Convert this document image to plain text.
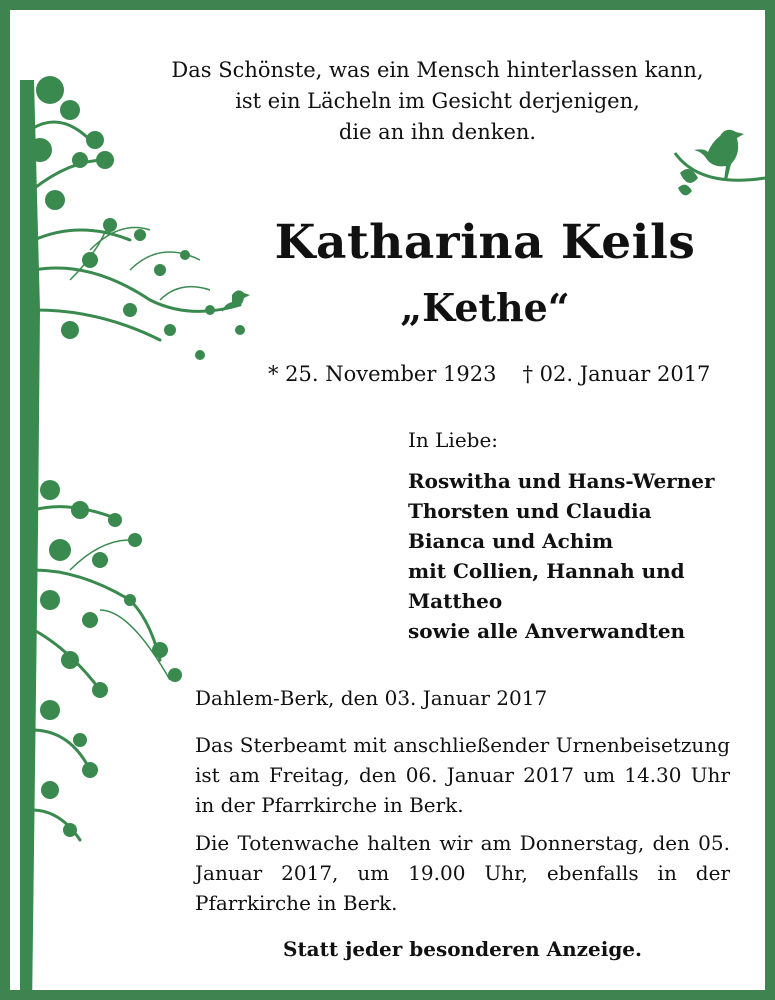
Das Schönste, was ein Mensch hinterlassen kann,
ist ein Lächeln im Gesicht derjenigen,
die an ihn denken.
Katharina Keils
„Kethe“
* 25. November 1923 † 02. Januar 2017
In Liebe:
Roswitha und Hans-Werner
Thorsten und Claudia
Bianca und Achim
mit Collien, Hannah und
Mattheo
sowie alle Anverwandten
Dahlem-Berk, den 03. Januar 2017
Das Sterbeamt mit anschließender Urnenbeisetzung ist am Freitag, den 06. Januar 2017 um 14.30 Uhr in der Pfarrkirche in Berk.
Die Totenwache halten wir am Donnerstag, den 05. Januar 2017, um 19.00 Uhr, ebenfalls in der Pfarrkirche in Berk.
Statt jeder besonderen Anzeige.
